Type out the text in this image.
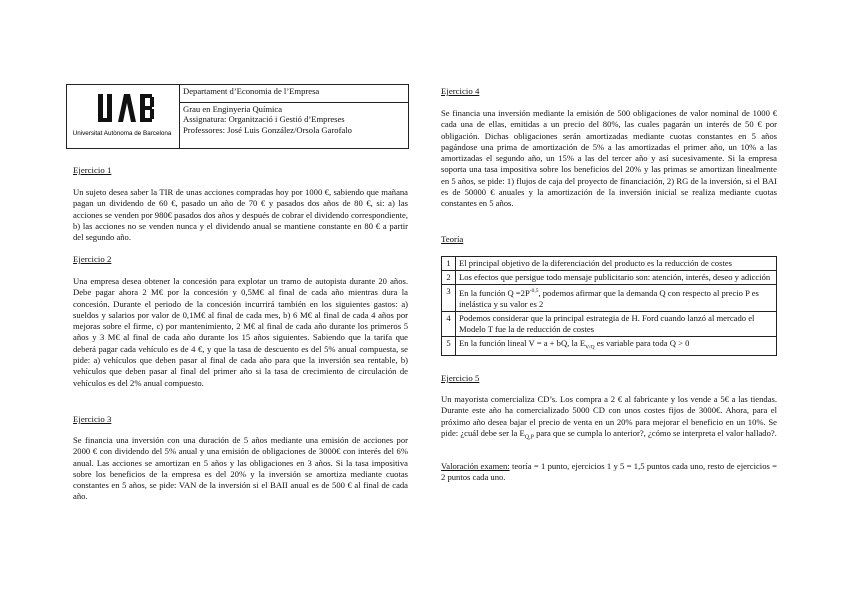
Universitat Autònoma de Barcelona
	Departament d’Economia de l’Empresa

Grau en Enginyeria Química
Assignatura: Organització i Gestió d’Empreses
Professores: José Luis González/Orsola Garofalo
Ejercicio 1

Un sujeto desea saber la TIR de unas acciones compradas hoy por 1000 €, sabiendo que mañana pagan un dividendo de 60 €, pasado un año de 70 € y pasados dos años de 80 €, si: a) las acciones se venden por 980€ pasados dos años y después de cobrar el dividendo correspondiente, b) las acciones no se venden nunca y el dividendo anual se mantiene constante en 80 € a partir del segundo año.

Ejercicio 2

Una empresa desea obtener la concesión para explotar un tramo de autopista durante 20 años. Debe pagar ahora 2 M€ por la concesión y 0,5M€ al final de cada año mientras dura la concesión. Durante el periodo de la concesión incurrirá también en los siguientes gastos: a) sueldos y salarios por valor de 0,1M€ al final de cada mes, b) 6 M€ al final de cada 4 años por mejoras sobre el firme, c) por mantenimiento, 2 M€ al final de cada año durante los primeros 5 años y 3 M€ al final de cada año durante los 15 años siguientes. Sabiendo que la tarifa que deberá pagar cada vehículo es de 4 €, y que la tasa de descuento es del 5% anual compuesta, se pide: a) vehículos que deben pasar al final de cada año para que la inversión sea rentable, b) vehículos que deben pasar al final del primer año si la tasa de crecimiento de circulación de vehículos es del 2% anual compuesto.

Ejercicio 3

Se financia una inversión con una duración de 5 años mediante una emisión de acciones por 2000 € con dividendo del 5% anual y una emisión de obligaciones de 3000€ con interés del 6% anual. Las acciones se amortizan en 5 años y las obligaciones en 3 años. Si la tasa impositiva sobre los beneficios de la empresa es del 20% y la inversión se amortiza mediante cuotas constantes en 5 años, se pide: VAN de la inversión si el BAII anual es de 500 € al final de cada año.

Ejercicio 4

Se financia una inversión mediante la emisión de 500 obligaciones de valor nominal de 1000 € cada una de ellas, emitidas a un precio del 80%, las cuales pagarán un interés de 50 € por obligación. Dichas obligaciones serán amortizadas mediante cuotas constantes en 5 años pagándose una prima de amortización de 5% a las amortizadas el primer año, un 10% a las amortizadas el segundo año, un 15% a las del tercer año y así sucesivamente. Si la empresa soporta una tasa impositiva sobre los beneficios del 20% y las primas se amortizan linealmente en 5 años, se pide: 1) flujos de caja del proyecto de financiación, 2) RG de la inversión, si el BAI es de 50000 € anuales y la amortización de la inversión inicial se realiza mediante cuotas constantes en 5 años.

Teoría
Ejercicio 5

Un mayorista comercializa CD’s. Los compra a 2 € al fabricante y los vende a 5€ a las tiendas. Durante este año ha comercializado 5000 CD con unos costes fijos de 3000€. Ahora, para el próximo año desea bajar el precio de venta en un 20% para mejorar el beneficio en un 10%. Se pide: ¿cuál debe ser la $E_{Q,P}$ para que se cumpla lo anterior?, ¿cómo se interpreta el valor hallado?.

Valoración examen: teoría = 1 punto, ejercicios 1 y 5 = 1,5 puntos cada uno, resto de ejercicios = 2 puntos cada uno.

1	El principal objetivo de la diferenciación del producto es la reducción de costes
2	Los efectos que persigue todo mensaje publicitario son: atención, interés, deseo y adicción
3	En la función $Q =2P^{-0,5}$, podemos afirmar que la demanda Q con respecto al precio P es inelástica y su valor es 2
4	Podemos considerar que la principal estrategia de H. Ford cuando lanzó al mercado el Modelo T fue la de reducción de costes
5	En la función lineal V = a + bQ, la $E_{V/Q}$ es variable para toda Q > 0
